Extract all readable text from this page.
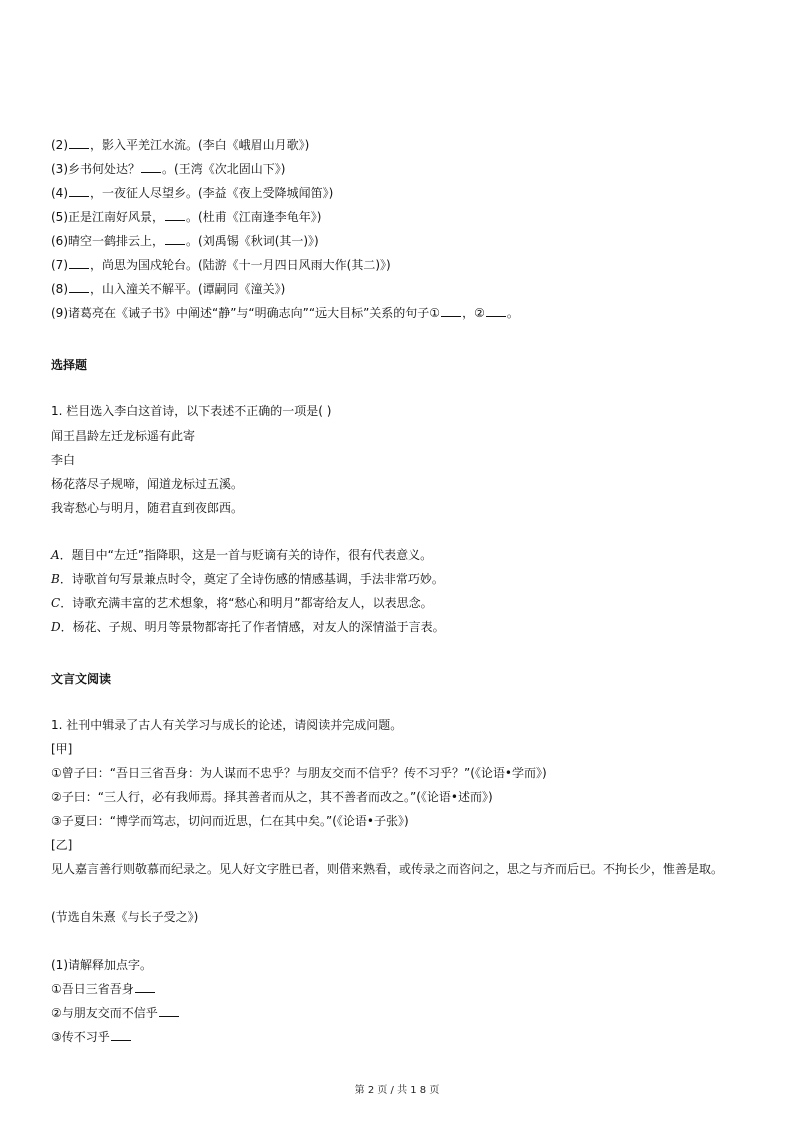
(2) ，影入平羌江水流。(李白《峨眉山月歌》)
(3)乡书何处达？ 。(王湾《次北固山下》)
(4) ，一夜征人尽望乡。(李益《夜上受降城闻笛》)
(5)正是江南好风景， 。(杜甫《江南逢李龟年》)
(6)晴空一鹤排云上， 。(刘禹锡《秋词(其一)》)
(7) ，尚思为国戍轮台。(陆游《十一月四日风雨大作(其二)》)
(8) ，山入潼关不解平。(谭嗣同《潼关》)
(9)诸葛亮在《诫子书》中阐述“静”与“明确志向”“远大目标”关系的句子① ，② 。
选择题
1. 栏目选入李白这首诗，以下表述不正确的一项是( )
闻王昌龄左迁龙标遥有此寄
李白
杨花落尽子规啼，闻道龙标过五溪。
我寄愁心与明月，随君直到夜郎西。
A．题目中“左迁”指降职，这是一首与贬谪有关的诗作，很有代表意义。
B．诗歌首句写景兼点时令，奠定了全诗伤感的情感基调，手法非常巧妙。
C．诗歌充满丰富的艺术想象，将“愁心和明月”都寄给友人，以表思念。
D．杨花、子规、明月等景物都寄托了作者情感，对友人的深情溢于言表。
文言文阅读
1. 社刊中辑录了古人有关学习与成长的论述，请阅读并完成问题。
[甲]
①曾子曰：“吾日三省吾身：为人谋而不忠乎？与朋友交而不信乎？传不习乎？”(《论语•学而》)
②子曰：“三人行，必有我师焉。择其善者而从之，其不善者而改之。”(《论语•述而》)
③子夏曰：“博学而笃志，切问而近思，仁在其中矣。”(《论语•子张》)
[乙]
见人嘉言善行则敬慕而纪录之。见人好文字胜已者，则借来熟看，或传录之而咨问之，思之与齐而后已。不拘长少，惟善是取。
(节选自朱熹《与长子受之》)
(1)请解释加点字。
①吾日三省吾身
②与朋友交而不信乎
③传不习乎
第 2 页 / 共 1 8 页
